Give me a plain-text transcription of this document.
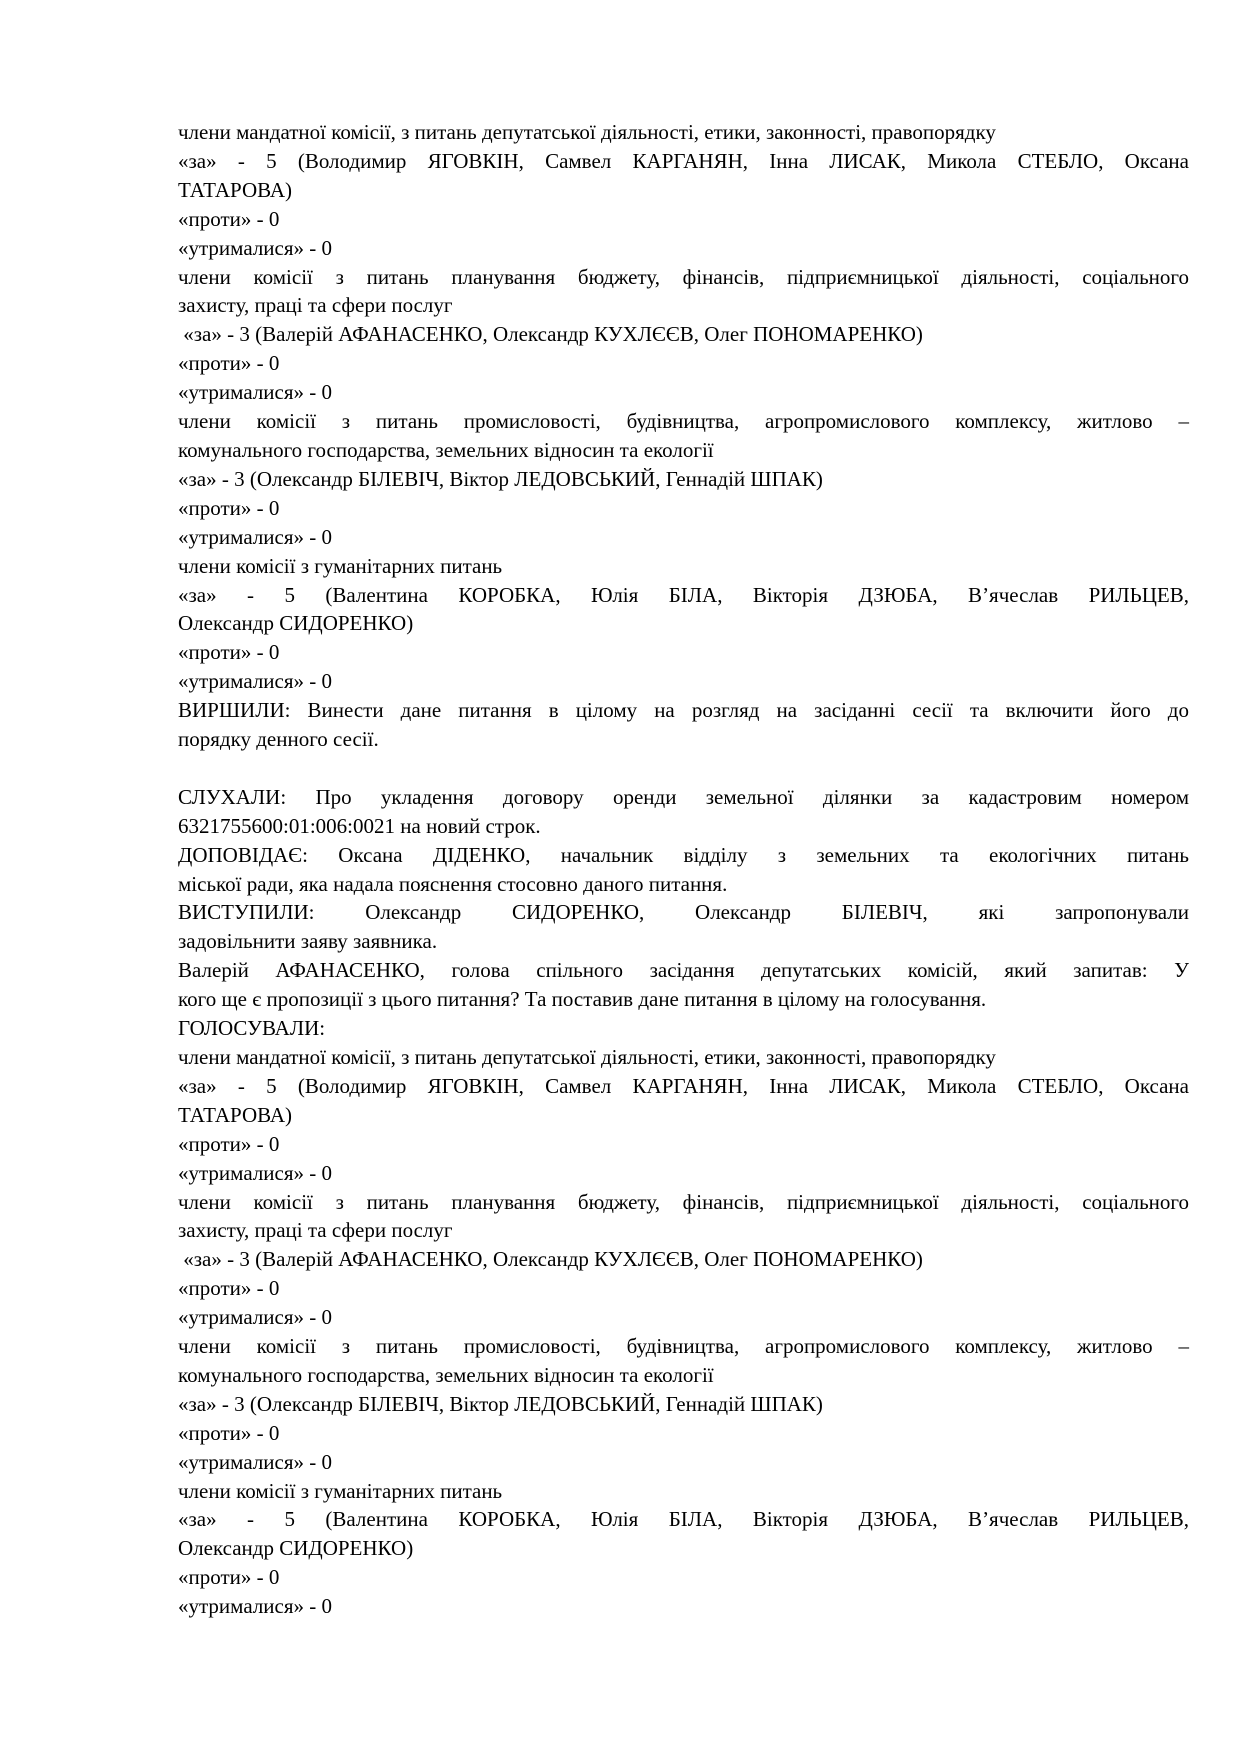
члени мандатної комісії, з питань депутатської діяльності, етики, законності, правопорядку
«за» - 5 (Володимир ЯГОВКІН, Самвел КАРГАНЯН, Інна ЛИСАК, Микола СТЕБЛО, Оксана
ТАТАРОВА)
«проти» - 0
«утрималися» - 0
члени комісії з питань планування бюджету, фінансів, підприємницької діяльності, соціального
захисту, праці та сфери послуг
«за» - 3 (Валерій АФАНАСЕНКО, Олександр КУХЛЄЄВ, Олег ПОНОМАРЕНКО)
«проти» - 0
«утрималися» - 0
члени комісії з питань промисловості, будівництва, агропромислового комплексу, житлово –
комунального господарства, земельних відносин та екології
«за» - 3 (Олександр БІЛЕВІЧ, Віктор ЛЕДОВСЬКИЙ, Геннадій ШПАК)
«проти» - 0
«утрималися» - 0
члени комісії з гуманітарних питань
«за» - 5 (Валентина КОРОБКА, Юлія БІЛА, Вікторія ДЗЮБА, В’ячеслав РИЛЬЦЕВ,
Олександр СИДОРЕНКО)
«проти» - 0
«утрималися» - 0
ВИРШИЛИ: Винести дане питання в цілому на розгляд на засіданні сесії та включити його до
порядку денного сесії.
СЛУХАЛИ: Про укладення договору оренди земельної ділянки за кадастровим номером
6321755600:01:006:0021 на новий строк.
ДОПОВІДАЄ: Оксана ДІДЕНКО, начальник відділу з земельних та екологічних питань
міської ради, яка надала пояснення стосовно даного питання.
ВИСТУПИЛИ: Олександр СИДОРЕНКО, Олександр БІЛЕВІЧ, які запропонували
задовільнити заяву заявника.
Валерій АФАНАСЕНКО, голова спільного засідання депутатських комісій, який запитав: У
кого ще є пропозиції з цього питання? Та поставив дане питання в цілому на голосування.
ГОЛОСУВАЛИ:
члени мандатної комісії, з питань депутатської діяльності, етики, законності, правопорядку
«за» - 5 (Володимир ЯГОВКІН, Самвел КАРГАНЯН, Інна ЛИСАК, Микола СТЕБЛО, Оксана
ТАТАРОВА)
«проти» - 0
«утрималися» - 0
члени комісії з питань планування бюджету, фінансів, підприємницької діяльності, соціального
захисту, праці та сфери послуг
«за» - 3 (Валерій АФАНАСЕНКО, Олександр КУХЛЄЄВ, Олег ПОНОМАРЕНКО)
«проти» - 0
«утрималися» - 0
члени комісії з питань промисловості, будівництва, агропромислового комплексу, житлово –
комунального господарства, земельних відносин та екології
«за» - 3 (Олександр БІЛЕВІЧ, Віктор ЛЕДОВСЬКИЙ, Геннадій ШПАК)
«проти» - 0
«утрималися» - 0
члени комісії з гуманітарних питань
«за» - 5 (Валентина КОРОБКА, Юлія БІЛА, Вікторія ДЗЮБА, В’ячеслав РИЛЬЦЕВ,
Олександр СИДОРЕНКО)
«проти» - 0
«утрималися» - 0
